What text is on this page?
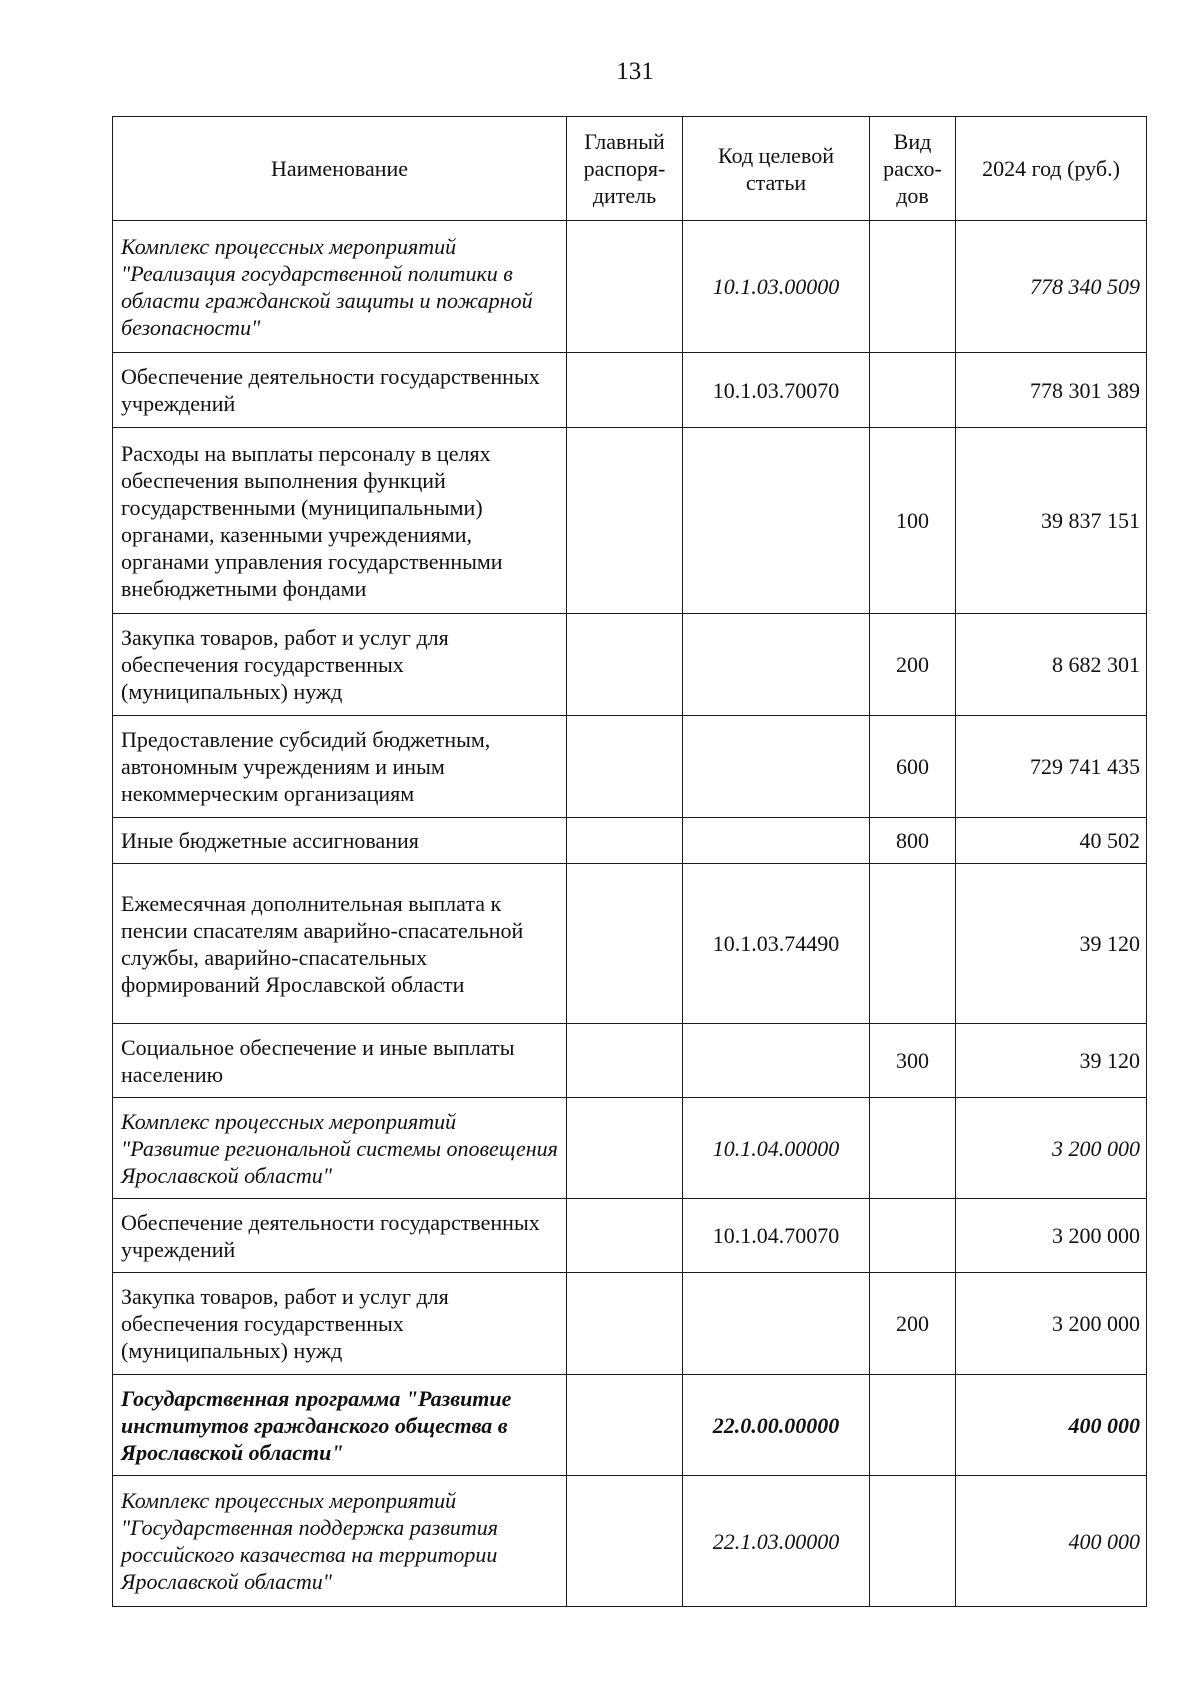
131
Наименование	Главный распоря-дитель	Код целевой статьи	Вид расхо-дов	2024 год (руб.)
Комплекс процессных мероприятий "Реализация государственной политики в области гражданской защиты и пожарной безопасности"		10.1.03.00000		778 340 509
Обеспечение деятельности государственных учреждений		10.1.03.70070		778 301 389
Расходы на выплаты персоналу в целях обеспечения выполнения функций государственными (муниципальными) органами, казенными учреждениями, органами управления государственными внебюджетными фондами			100	39 837 151
Закупка товаров, работ и услуг для обеспечения государственных (муниципальных) нужд			200	8 682 301
Предоставление субсидий бюджетным, автономным учреждениям и иным некоммерческим организациям			600	729 741 435
Иные бюджетные ассигнования			800	40 502
Ежемесячная дополнительная выплата к пенсии спасателям аварийно-спасательной службы, аварийно-спасательных формирований Ярославской области		10.1.03.74490		39 120
Социальное обеспечение и иные выплаты населению			300	39 120
Комплекс процессных мероприятий "Развитие региональной системы оповещения Ярославской области"		10.1.04.00000		3 200 000
Обеспечение деятельности государственных учреждений		10.1.04.70070		3 200 000
Закупка товаров, работ и услуг для обеспечения государственных (муниципальных) нужд			200	3 200 000
Государственная программа "Развитие институтов гражданского общества в Ярославской области"		22.0.00.00000		400 000
Комплекс процессных мероприятий "Государственная поддержка развития российского казачества на территории Ярославской области"		22.1.03.00000		400 000
